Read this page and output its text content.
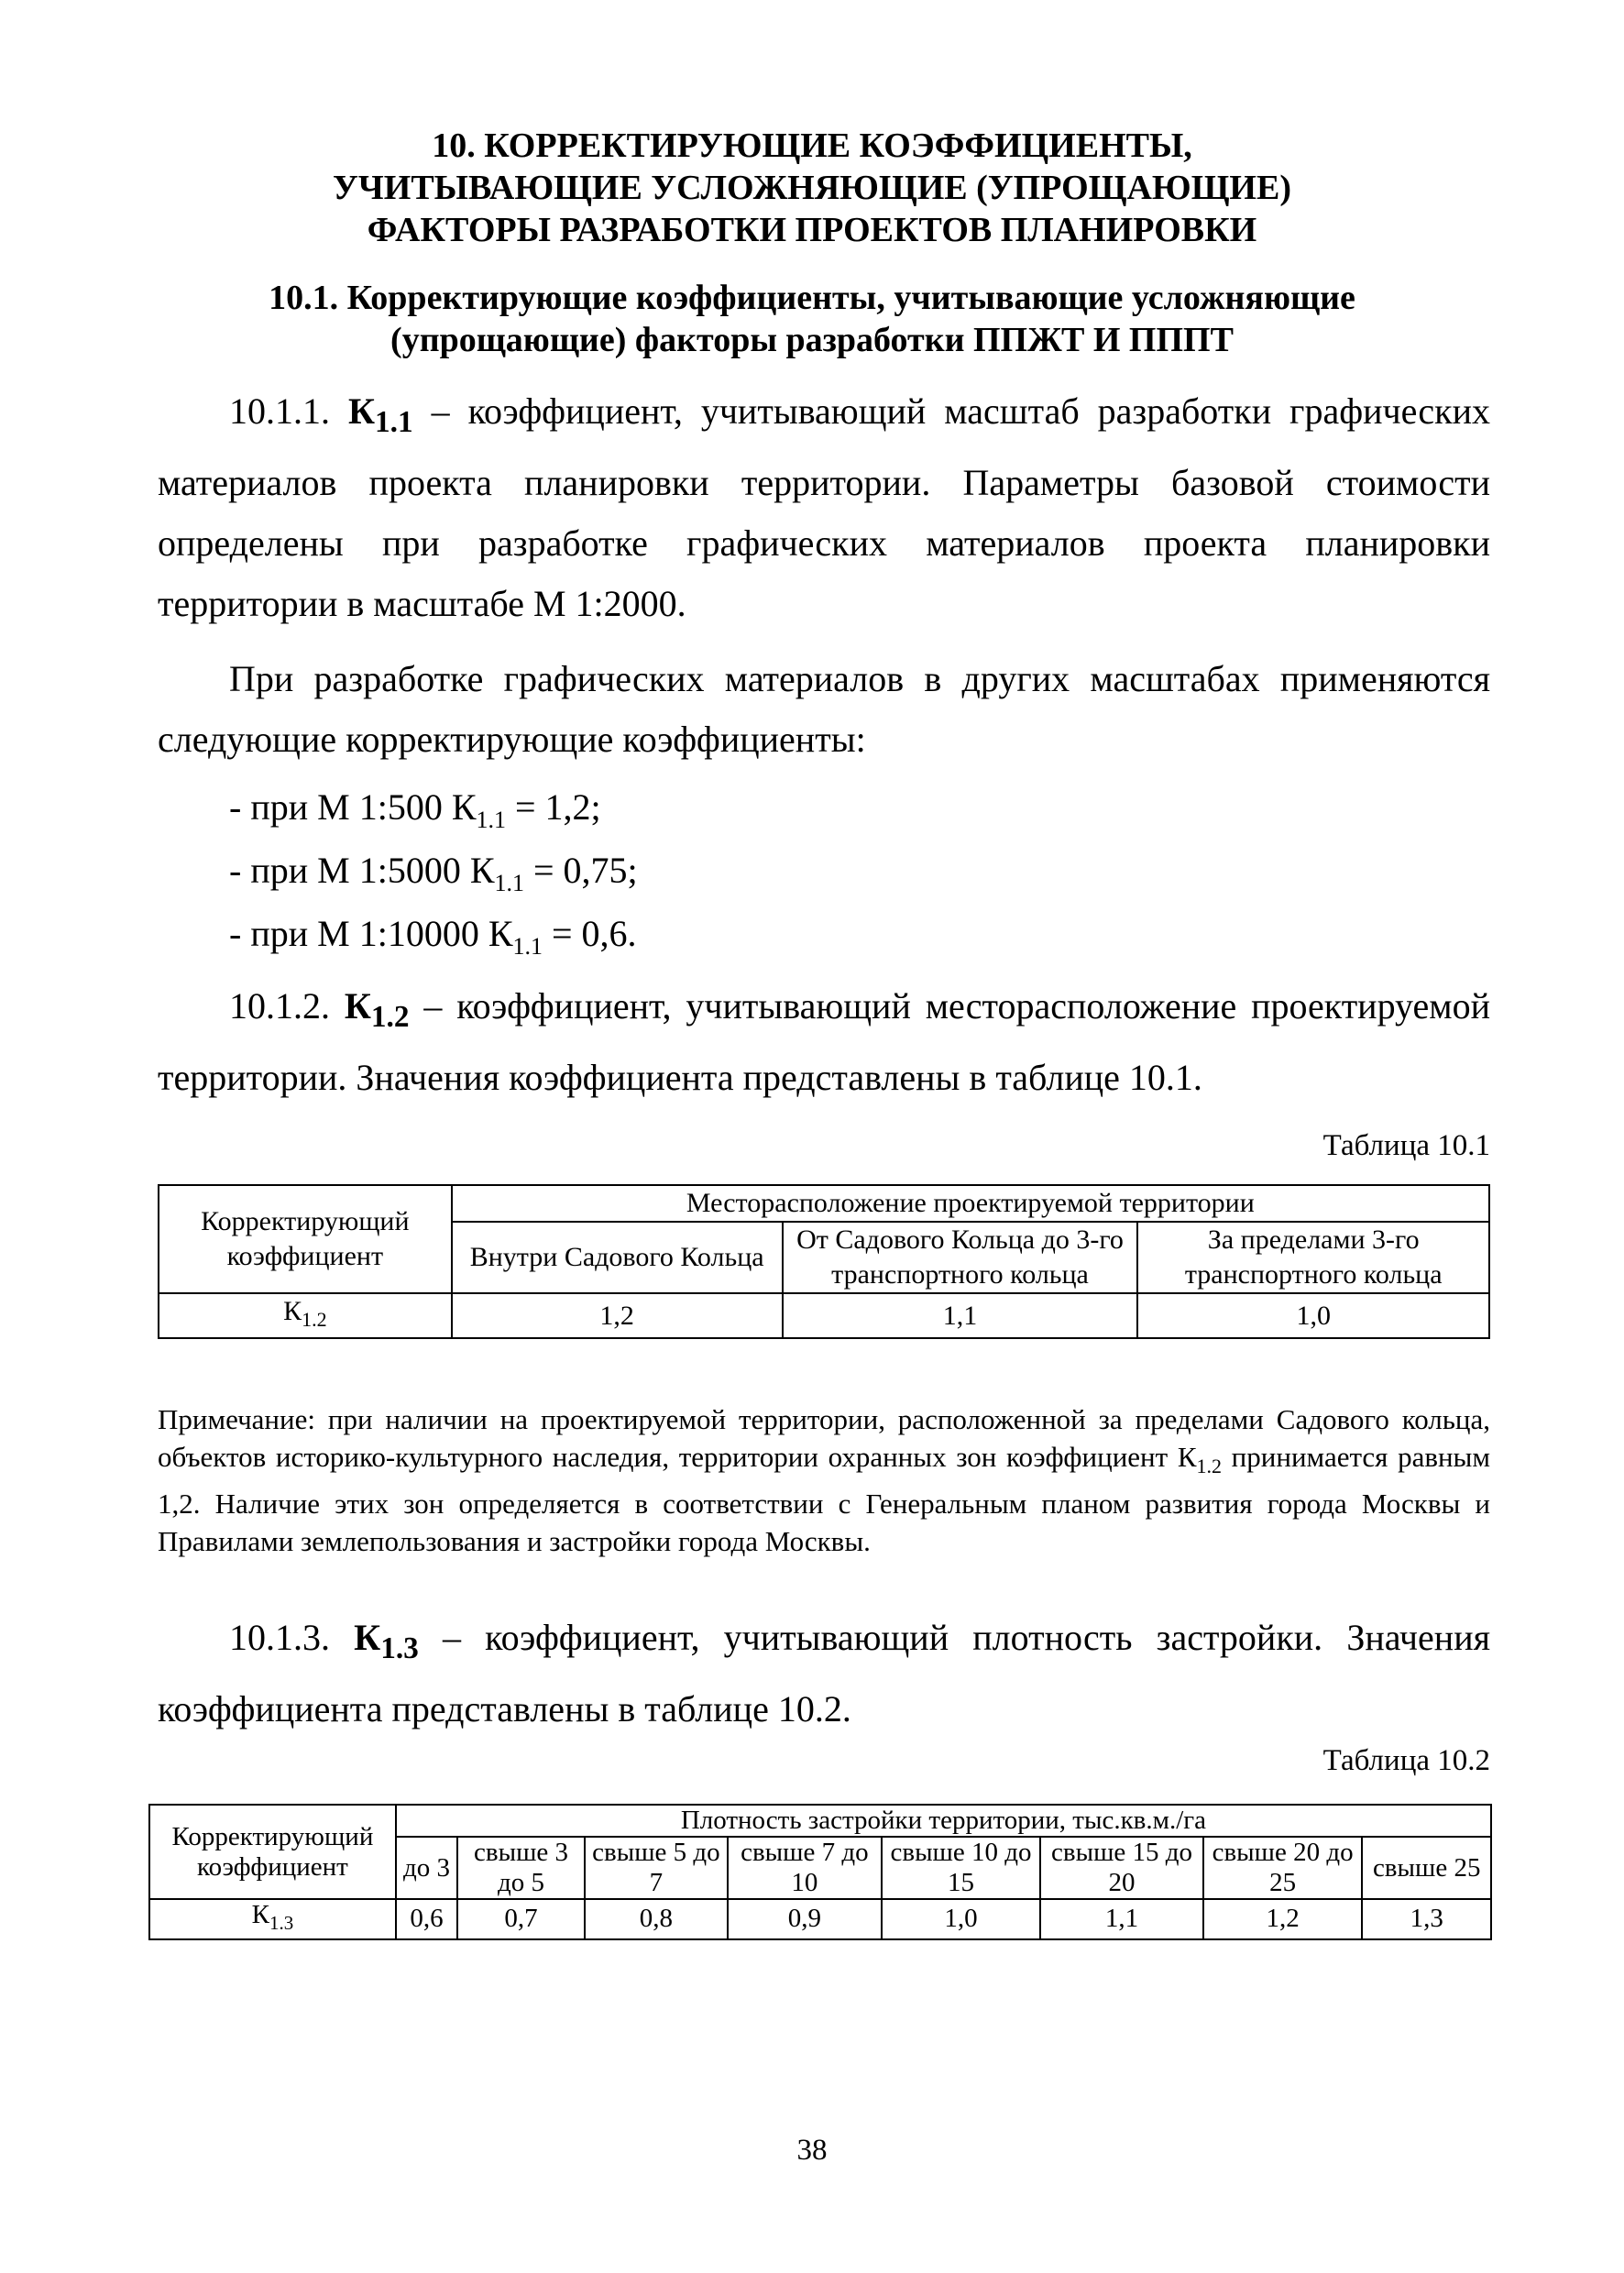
10. КОРРЕКТИРУЮЩИЕ КОЭФФИЦИЕНТЫ,
УЧИТЫВАЮЩИЕ УСЛОЖНЯЮЩИЕ (УПРОЩАЮЩИЕ)
ФАКТОРЫ РАЗРАБОТКИ ПРОЕКТОВ ПЛАНИРОВКИ
10.1. Корректирующие коэффициенты, учитывающие усложняющие
(упрощающие) факторы разработки ППЖТ И ПППТ

10.1.1. $К_{1.1}$ – коэффициент, учитывающий масштаб разработки графических материалов проекта планировки территории. Параметры базовой стоимости определены при разработке графических материалов проекта планировки территории в масштабе М 1:2000.

При разработке графических материалов в других масштабах применяются следующие корректирующие коэффициенты:

- при М 1:500 $К_{1.1} = 1,2$;
- при М 1:5000 $К_{1.1} = 0,75$;
- при М 1:10000 $К_{1.1} = 0,6$.

10.1.2. $К_{1.2}$ – коэффициент, учитывающий месторасположение проектируемой территории. Значения коэффициента представлены в таблице 10.1.

Таблица 10.1
Корректирующий коэффициент	Месторасположение проектируемой территории		
	Внутри Садового Кольца	От Садового Кольца до 3-го транспортного кольца	За пределами 3-го транспортного кольца
$К_{1.2}$	1,2	1,1	1,0

Примечание: при наличии на проектируемой территории, расположенной за пределами Садового кольца, объектов историко-культурного наследия, территории охранных зон коэффициент $К_{1.2}$ принимается равным 1,2. Наличие этих зон определяется в соответствии с Генеральным планом развития города Москвы и Правилами землепользования и застройки города Москвы.

10.1.3. $К_{1.3}$ – коэффициент, учитывающий плотность застройки. Значения коэффициента представлены в таблице 10.2.

Таблица 10.2
Корректирующий коэффициент	Плотность застройки территории, тыс.кв.м./га							
	до 3	свыше 3 до 5	свыше 5 до 7	свыше 7 до 10	свыше 10 до 15	свыше 15 до 20	свыше 20 до 25	свыше 25
$К_{1.3}$	0,6	0,7	0,8	0,9	1,0	1,1	1,2	1,3
38
